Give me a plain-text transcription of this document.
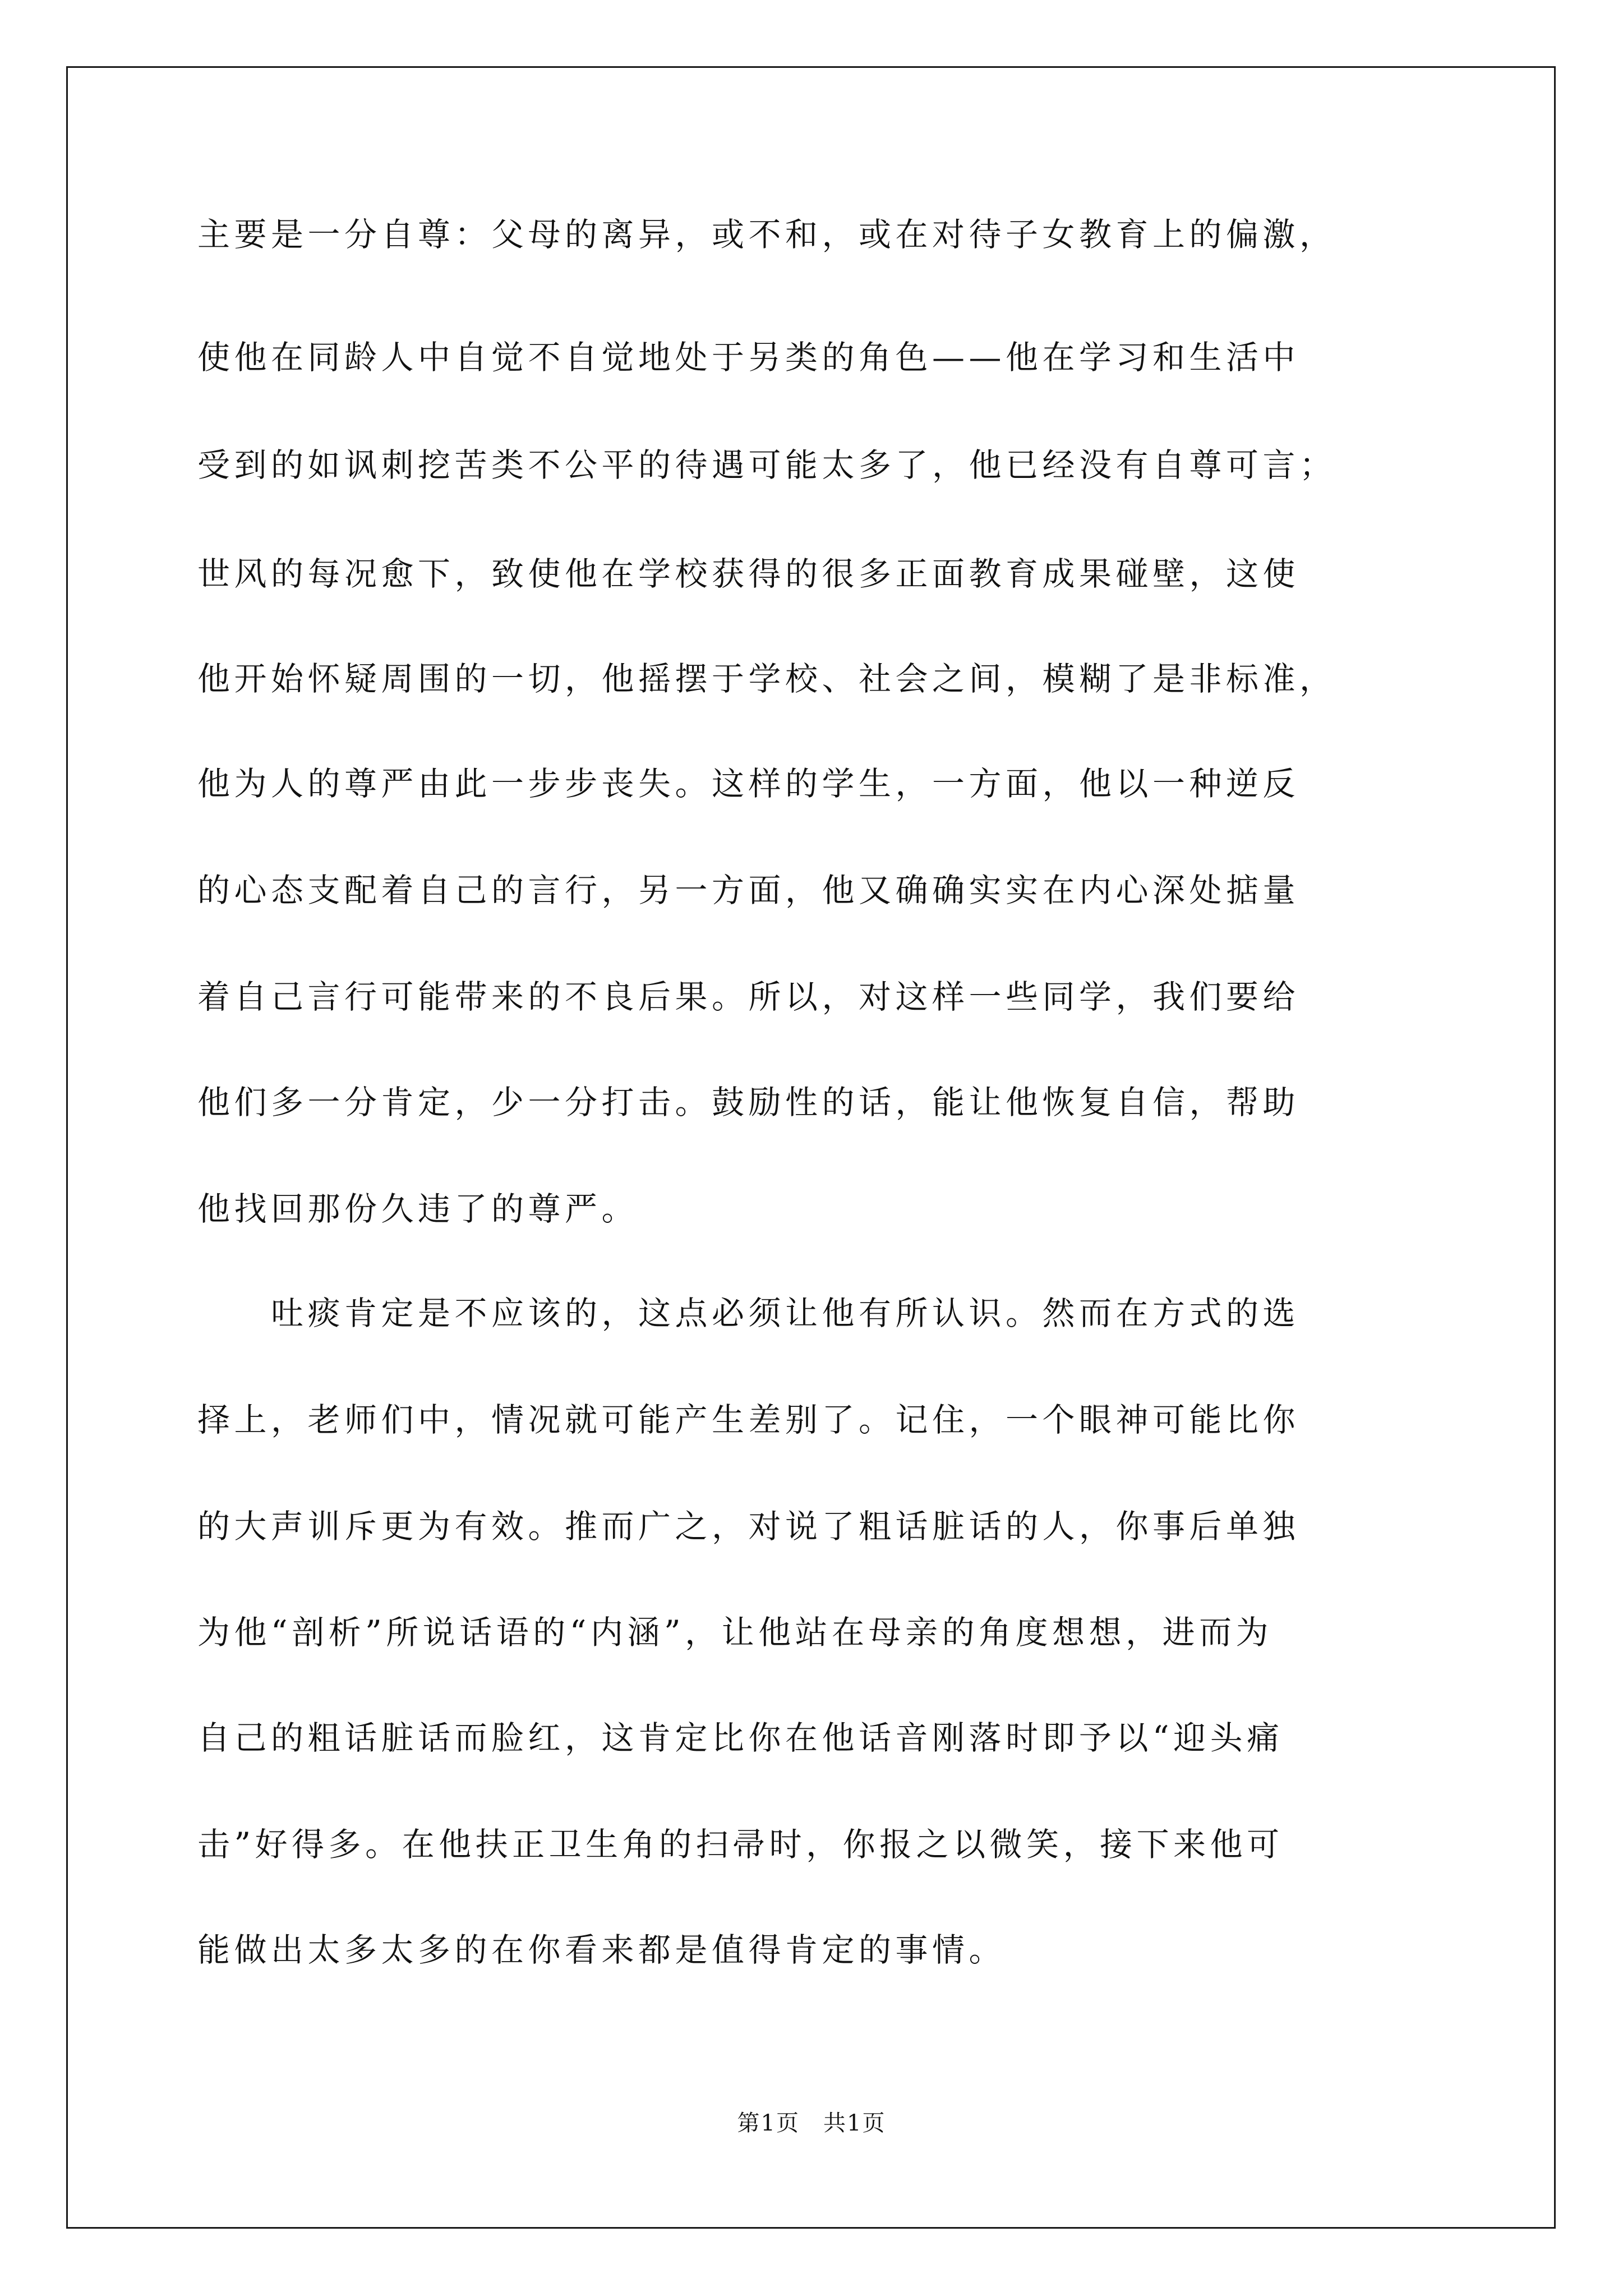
主要是一分自尊：父母的离异，或不和，或在对待子女教育上的偏激，
使他在同龄人中自觉不自觉地处于另类的角色——他在学习和生活中
受到的如讽刺挖苦类不公平的待遇可能太多了，他已经没有自尊可言；
世风的每况愈下，致使他在学校获得的很多正面教育成果碰壁，这使
他开始怀疑周围的一切，他摇摆于学校、社会之间，模糊了是非标准，
他为人的尊严由此一步步丧失。这样的学生，一方面，他以一种逆反
的心态支配着自己的言行，另一方面，他又确确实实在内心深处掂量
着自己言行可能带来的不良后果。所以，对这样一些同学，我们要给
他们多一分肯定，少一分打击。鼓励性的话，能让他恢复自信，帮助
他找回那份久违了的尊严。
　　吐痰肯定是不应该的，这点必须让他有所认识。然而在方式的选
择上，老师们中，情况就可能产生差别了。记住，一个眼神可能比你
的大声训斥更为有效。推而广之，对说了粗话脏话的人，你事后单独
为他“剖析”所说话语的“内涵”，让他站在母亲的角度想想，进而为
自己的粗话脏话而脸红，这肯定比你在他话音刚落时即予以“迎头痛
击”好得多。在他扶正卫生角的扫帚时，你报之以微笑，接下来他可
能做出太多太多的在你看来都是值得肯定的事情。
第1页　共1页
